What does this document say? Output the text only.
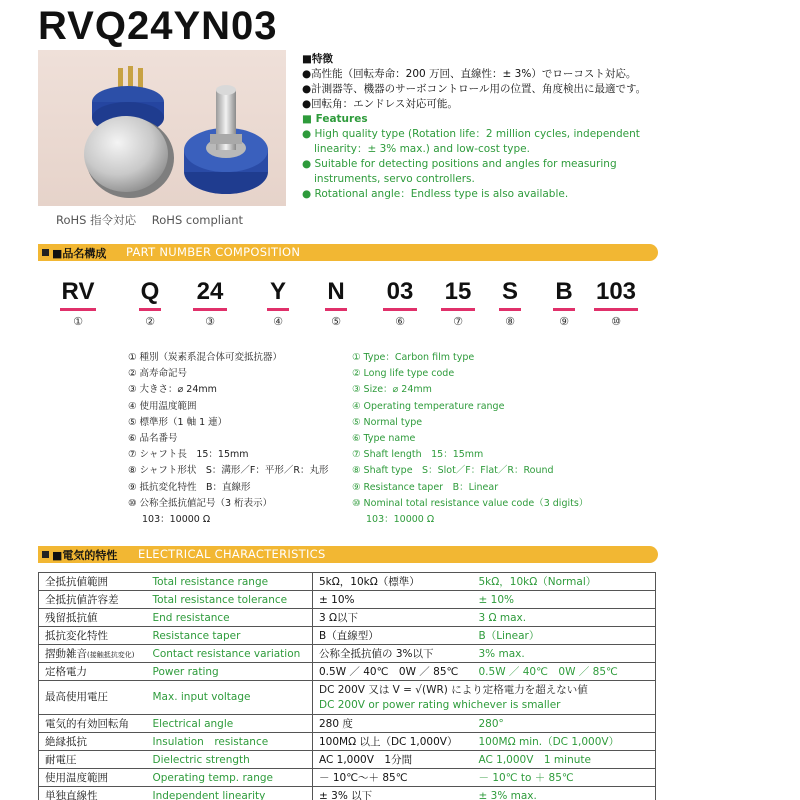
RVQ24YN03
RoHS 指令対応 RoHS compliant
■特徴
●高性能（回転寿命：200 万回、直線性：± 3%）でローコスト対応。
●計測器等、機器のサーボコントロール用の位置、角度検出に最適です。
●回転角：エンドレス対応可能。
■ Features
● High quality type (Rotation life：2 million cycles, independent
linearity：± 3% max.) and low-cost type.
● Suitable for detecting positions and angles for measuring
instruments, servo controllers.
● Rotational angle：Endless type is also available.
■品名構成 PART NUMBER COMPOSITION
RV
①
Q
②
24
③
Y
④
N
⑤
03
⑥
15
⑦
S
⑧
B
⑨
103
⑩
① 種別（炭素系混合体可変抵抗器）
② 高寿命記号
③ 大きさ：⌀ 24mm
④ 使用温度範囲
⑤ 標準形（1 軸 1 連）
⑥ 品名番号
⑦ シャフト長　15：15mm
⑧ シャフト形状　S：溝形／F：平形／R：丸形
⑨ 抵抗変化特性　B：直線形
⑩ 公称全抵抗値記号（3 桁表示）
103：10000 Ω
① Type：Carbon film type
② Long life type code
③ Size：⌀ 24mm
④ Operating temperature range
⑤ Normal type
⑥ Type name
⑦ Shaft length　15：15mm
⑧ Shaft type　S：Slot／F：Flat／R：Round
⑨ Resistance taper　B：Linear
⑩ Nominal total resistance value code（3 digits）
103：10000 Ω
■電気的特性 ELECTRICAL CHARACTERISTICS
全抵抗値範囲	Total resistance range	5kΩ，10kΩ（標準）	5kΩ，10kΩ（Normal）
全抵抗値許容差	Total resistance tolerance	± 10%	± 10%
残留抵抗値	End resistance	3 Ω以下	3 Ω max.
抵抗変化特性	Resistance taper	B（直線型）	B（Linear）
摺動雑音(接触抵抗変化)	Contact resistance variation	公称全抵抗値の 3%以下	3% max.
定格電力	Power rating	0.5W ／ 40℃　0W ／ 85℃	0.5W ／ 40℃　0W ／ 85℃
最高使用電圧	Max. input voltage	DC 200V 又は V = √(WR) により定格電力を超えない値
DC 200V or power rating whichever is smaller	

電気的有効回転角	Electrical angle	280 度	280°
絶縁抵抗	Insulation　resistance	100MΩ 以上（DC 1,000V）	100MΩ min.（DC 1,000V）
耐電圧	Dielectric strength	AC 1,000V　1分間	AC 1,000V　1 minute
使用温度範囲	Operating temp. range	－ 10℃～＋ 85℃	－ 10℃ to ＋ 85℃
単独直線性	Independent linearity	± 3% 以下	± 3% max.
